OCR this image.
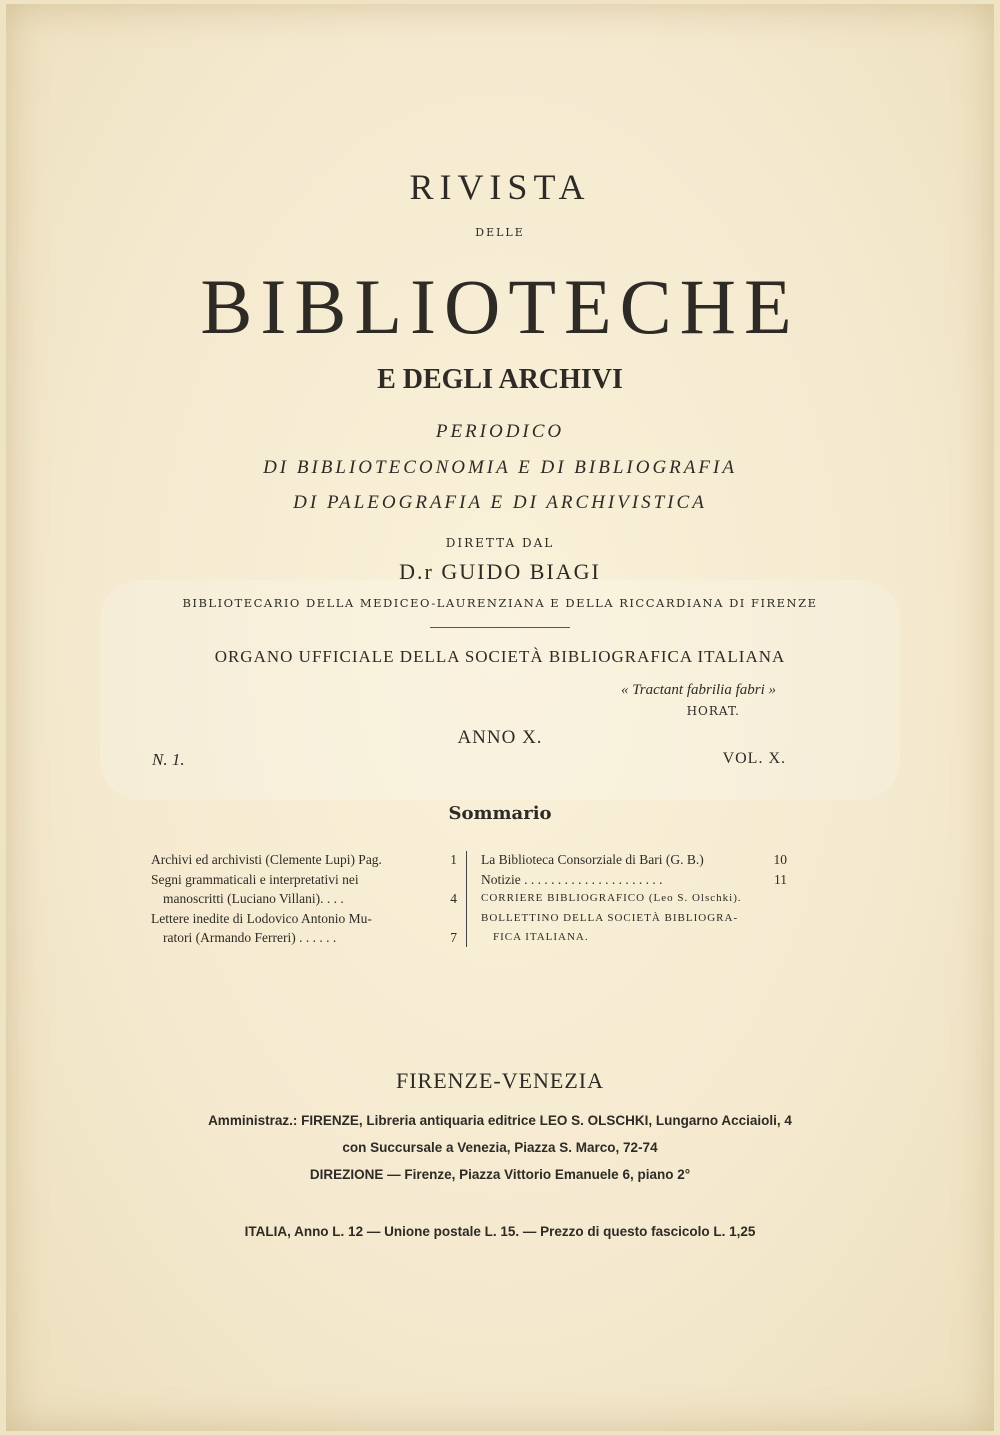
RIVISTA
DELLE
BIBLIOTECHE
E DEGLI ARCHIVI
PERIODICO
DI BIBLIOTECONOMIA E DI BIBLIOGRAFIA
DI PALEOGRAFIA E DI ARCHIVISTICA
DIRETTA DAL
D.r GUIDO BIAGI
BIBLIOTECARIO DELLA MEDICEO-LAURENZIANA E DELLA RICCARDIANA DI FIRENZE
ORGANO UFFICIALE DELLA SOCIETÀ BIBLIOGRAFICA ITALIANA
« Tractant fabrilia fabri »
HORAT.
ANNO X.
N. 1.	VOL. X.
Sommario
Archivi ed archivisti (Clemente Lupi) Pag.	1
Segni grammaticali e interpretativi nei
manoscritti (Luciano Villani). . . .	4
Lettere inedite di Lodovico Antonio Mu-
ratori (Armando Ferreri) . . . . . .	7
La Biblioteca Consorziale di Bari (G. B.)	10
Notizie . . . . . . . . . . . . . . . . . . . . .	11
CORRIERE BIBLIOGRAFICO (Leo S. Olschki).
BOLLETTINO DELLA SOCIETÀ BIBLIOGRA-
FICA ITALIANA.
FIRENZE-VENEZIA
Amministraz.: FIRENZE, Libreria antiquaria editrice LEO S. OLSCHKI, Lungarno Acciaioli, 4
con Succursale a Venezia, Piazza S. Marco, 72-74
DIREZIONE — Firenze, Piazza Vittorio Emanuele 6, piano 2°
ITALIA, Anno L. 12 — Unione postale L. 15. — Prezzo di questo fascicolo L. 1,25
